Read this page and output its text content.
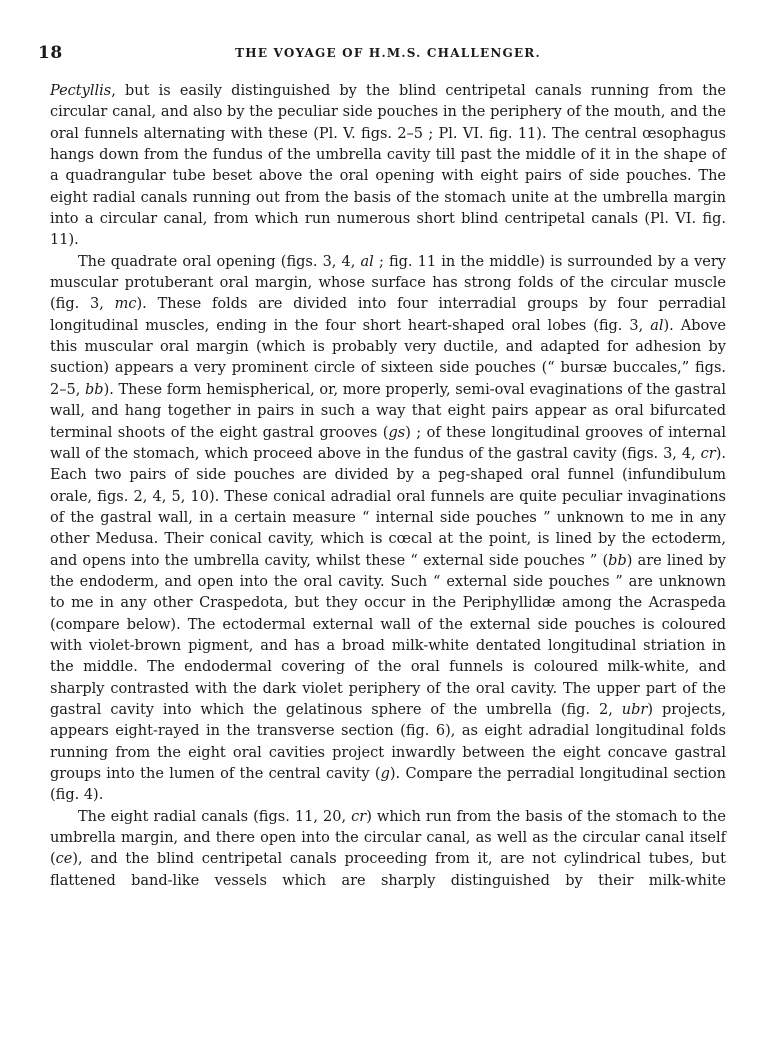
18	THE VOYAGE OF H.M.S. CHALLENGER.

Pectyllis, but is easily distinguished by the blind centripetal canals running from the circular canal, and also by the peculiar side pouches in the periphery of the mouth, and the oral funnels alternating with these (Pl. V. figs. 2–5 ; Pl. VI. fig. 11). The central œsophagus hangs down from the fundus of the umbrella cavity till past the middle of it in the shape of a quadrangular tube beset above the oral opening with eight pairs of side pouches. The eight radial canals running out from the basis of the stomach unite at the umbrella margin into a circular canal, from which run numerous short blind centripetal canals (Pl. VI. fig. 11).

The quadrate oral opening (figs. 3, 4, al ; fig. 11 in the middle) is surrounded by a very muscular protuberant oral margin, whose surface has strong folds of the circular muscle (fig. 3, mc). These folds are divided into four interradial groups by four perradial longitudinal muscles, ending in the four short heart-shaped oral lobes (fig. 3, al). Above this muscular oral margin (which is probably very ductile, and adapted for adhesion by suction) appears a very prominent circle of sixteen side pouches (“ bursæ buccales,” figs. 2–5, bb). These form hemispherical, or, more properly, semi-oval evaginations of the gastral wall, and hang together in pairs in such a way that eight pairs appear as oral bifurcated terminal shoots of the eight gastral grooves (gs) ; of these longitudinal grooves of internal wall of the stomach, which proceed above in the fundus of the gastral cavity (figs. 3, 4, cr). Each two pairs of side pouches are divided by a peg-shaped oral funnel (infundibulum orale, figs. 2, 4, 5, 10). These conical adradial oral funnels are quite peculiar invaginations of the gastral wall, in a certain measure “ internal side pouches ” unknown to me in any other Medusa. Their conical cavity, which is cœcal at the point, is lined by the ectoderm, and opens into the umbrella cavity, whilst these “ external side pouches ” (bb) are lined by the endoderm, and open into the oral cavity. Such “ external side pouches ” are unknown to me in any other Craspedota, but they occur in the Periphyllidæ among the Acraspeda (compare below). The ectodermal external wall of the external side pouches is coloured with violet-brown pigment, and has a broad milk-white dentated longitudinal striation in the middle. The endodermal covering of the oral funnels is coloured milk-white, and sharply contrasted with the dark violet periphery of the oral cavity. The upper part of the gastral cavity into which the gelatinous sphere of the umbrella (fig. 2, ubr) projects, appears eight-rayed in the transverse section (fig. 6), as eight adradial longitudinal folds running from the eight oral cavities project inwardly between the eight concave gastral groups into the lumen of the central cavity (g). Compare the perradial longitudinal section (fig. 4).

The eight radial canals (figs. 11, 20, cr) which run from the basis of the stomach to the umbrella margin, and there open into the circular canal, as well as the circular canal itself (ce), and the blind centripetal canals proceeding from it, are not cylindrical tubes, but flattened band-like vessels which are sharply distinguished by their milk-white
